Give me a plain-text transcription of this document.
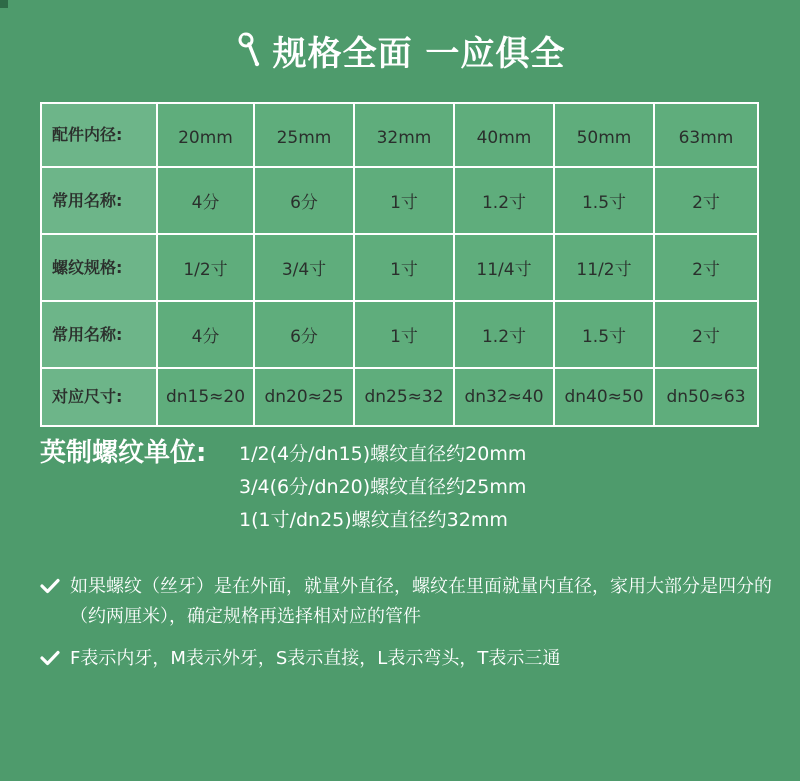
规格全面 一应俱全
配件内径:	20mm	25mm	32mm	40mm	50mm	63mm
常用名称:	4分	6分	1寸	1.2寸	1.5寸	2寸
螺纹规格:	1/2寸	3/4寸	1寸	11/4寸	11/2寸	2寸
常用名称:	4分	6分	1寸	1.2寸	1.5寸	2寸
对应尺寸:	dn15≈20	dn20≈25	dn25≈32	dn32≈40	dn40≈50	dn50≈63
英制螺纹单位: 1/2(4分/dn15)螺纹直径约20mm
3/4(6分/dn20)螺纹直径约25mm
1(1寸/dn25)螺纹直径约32mm
如果螺纹（丝牙）是在外面，就量外直径，螺纹在里面就量内直径，家用大部分是四分的（约两厘米），确定规格再选择相对应的管件
F表示内牙，M表示外牙，S表示直接，L表示弯头，T表示三通
